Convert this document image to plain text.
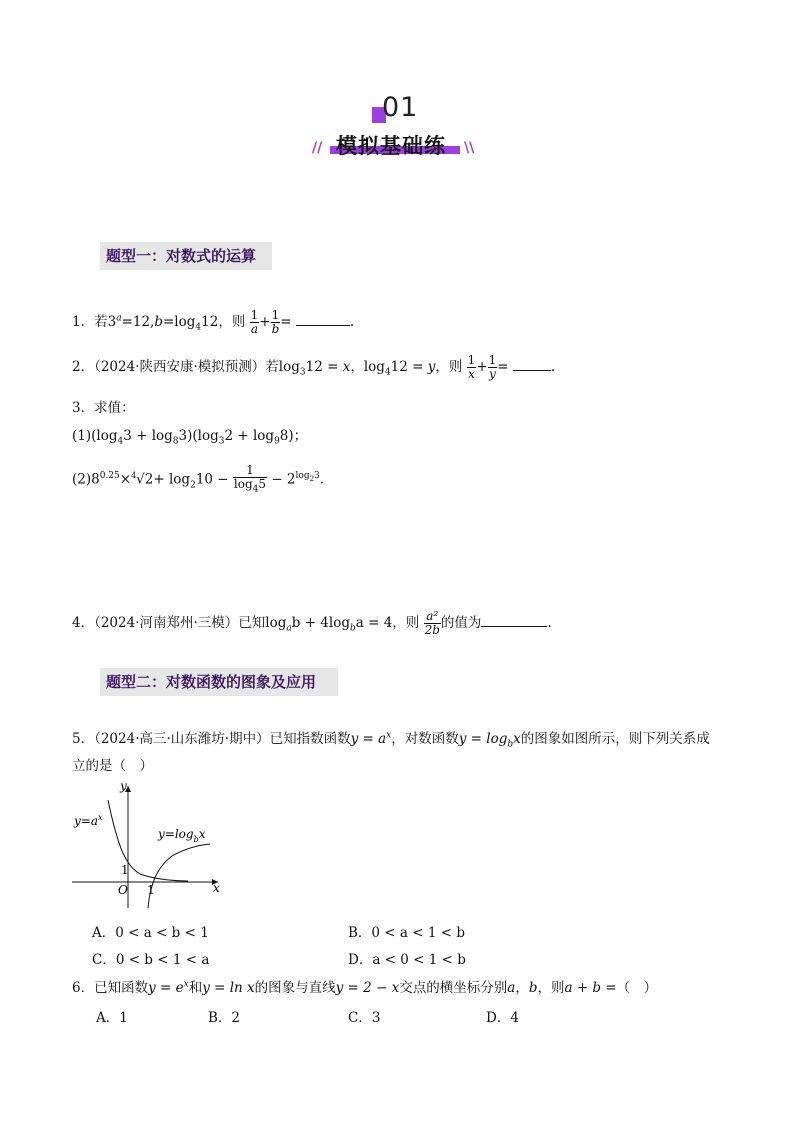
01
// 模拟基础练 \\
题型一：对数式的运算
1．若$3^a=12,b=\log_412$，则 $\frac{1}{a} + \frac{1}{b}$ =	.
2．（2024·陕西安康·模拟预测）若$\log_312 = x$，$\log_412 = y$，则 $\frac{1}{x} + \frac{1}{y}$ =	.
3．求值：
$(1)(\log_43 + \log_83)(\log_32 + \log_98)$；
$(2)8^{0.25}\times^4√2+ \log_210 - \frac{1}{\log_45} - 2^{log_23}$．
4．（2024·河南郑州·三模）已知$\log_ab + 4\log_ba = 4$，则 $\frac{\text{a²}}{2b}$ 的值为	.
题型二：对数函数的图象及应用
5．（2024·高三·山东潍坊·期中）已知指数函数$y = a^x$，对数函数$y = \log_bx$的图象如图所示，则下列关系成
立的是（　）
y
x
O 1
1
$y=a^x$
$y=\log_bx$
A．0 < a < b < 1	B．0 < a < 1 < b
C．0 < b < 1 < a	D．a < 0 < 1 < b
6．已知函数$y = e^x$和y = ln x的图象与直线y = 2 − x交点的横坐标分别a，b，则a + b =（　）
A．1	B．2	C．3	D．4
